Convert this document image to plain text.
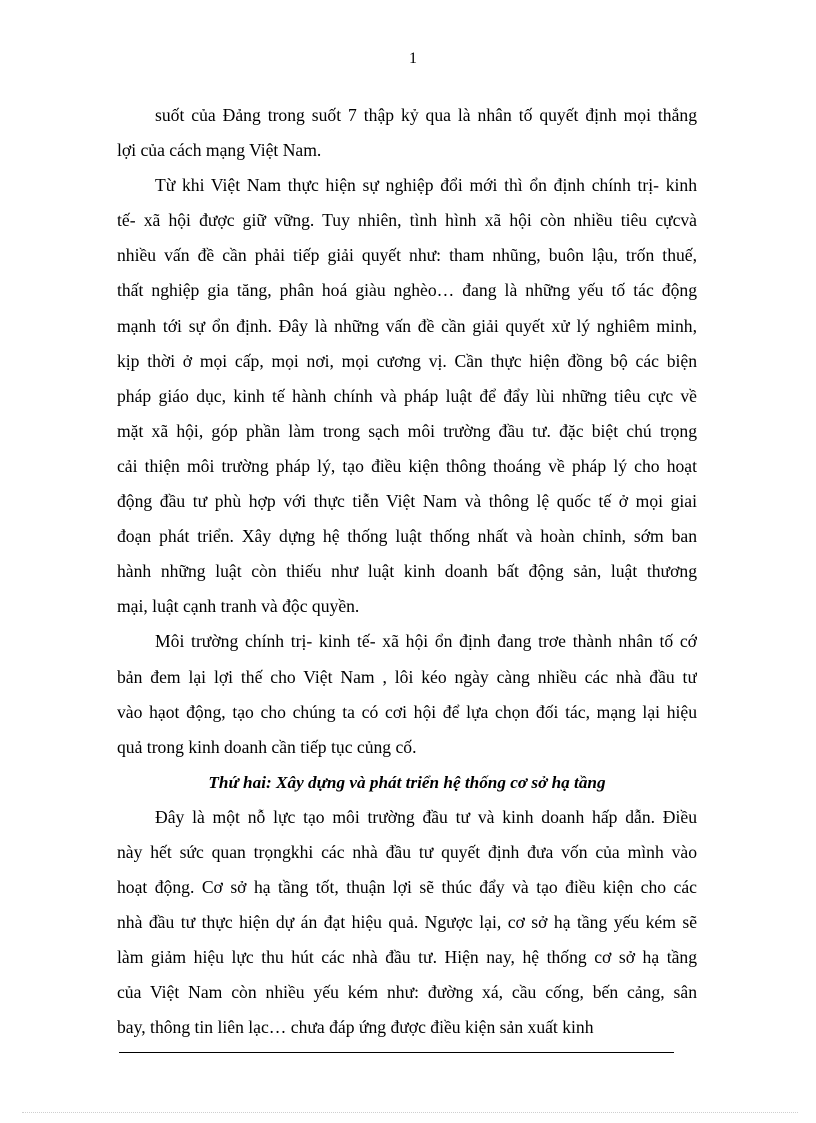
1
suốt của Đảng trong suốt 7 thập kỷ qua là nhân tố quyết định mọi thắng
lợi của cách mạng Việt Nam.
Từ khi Việt Nam thực hiện sự nghiệp đổi mới thì ổn định chính trị- kinh
tế- xã hội được giữ vững. Tuy nhiên, tình hình xã hội còn nhiều tiêu cựcvà
nhiều vấn đề cần phải tiếp giải quyết như: tham nhũng, buôn lậu, trốn thuế,
thất nghiệp gia tăng, phân hoá giàu nghèo… đang là những yếu tố tác động
mạnh tới sự ổn định. Đây là những vấn đề cần giải quyết xử lý nghiêm minh,
kịp thời ở mọi cấp, mọi nơi, mọi cương vị. Cần thực hiện đồng bộ các biện
pháp giáo dục, kinh tế hành chính và pháp luật để đẩy lùi những tiêu cực về
mặt xã hội, góp phần làm trong sạch môi trường đầu tư. đặc biệt chú trọng
cải thiện môi trường pháp lý, tạo điều kiện thông thoáng về pháp lý cho hoạt
động đầu tư phù hợp với thực tiễn Việt Nam và thông lệ quốc tế ở mọi giai
đoạn phát triển. Xây dựng hệ thống luật thống nhất và hoàn chỉnh, sớm ban
hành những luật còn thiếu như luật kinh doanh bất động sản, luật thương
mại, luật cạnh tranh và độc quyền.
Môi trường chính trị- kinh tế- xã hội ổn định đang trơe thành nhân tố cớ
bản đem lại lợi thế cho Việt Nam , lôi kéo ngày càng nhiều các nhà đầu tư
vào hạot động, tạo cho chúng ta có cơi hội để lựa chọn đối tác, mạng lại hiệu
quả trong kinh doanh cần tiếp tục củng cố.
Thứ hai: Xây dựng và phát triển hệ thống cơ sở hạ tầng
Đây là một nỗ lực tạo môi trường đầu tư và kinh doanh hấp dẫn. Điều
này hết sức quan trọngkhi các nhà đầu tư quyết định đưa vốn của mình vào
hoạt động. Cơ sở hạ tầng tốt, thuận lợi sẽ thúc đẩy và tạo điều kiện cho các
nhà đầu tư thực hiện dự án đạt hiệu quả. Ngược lại, cơ sở hạ tầng yếu kém sẽ
làm giảm hiệu lực thu hút các nhà đầu tư. Hiện nay, hệ thống cơ sở hạ tầng
của Việt Nam còn nhiều yếu kém như: đường xá, cầu cống, bến cảng, sân
bay, thông tin liên lạc… chưa đáp ứng được điều kiện sản xuất kinh
